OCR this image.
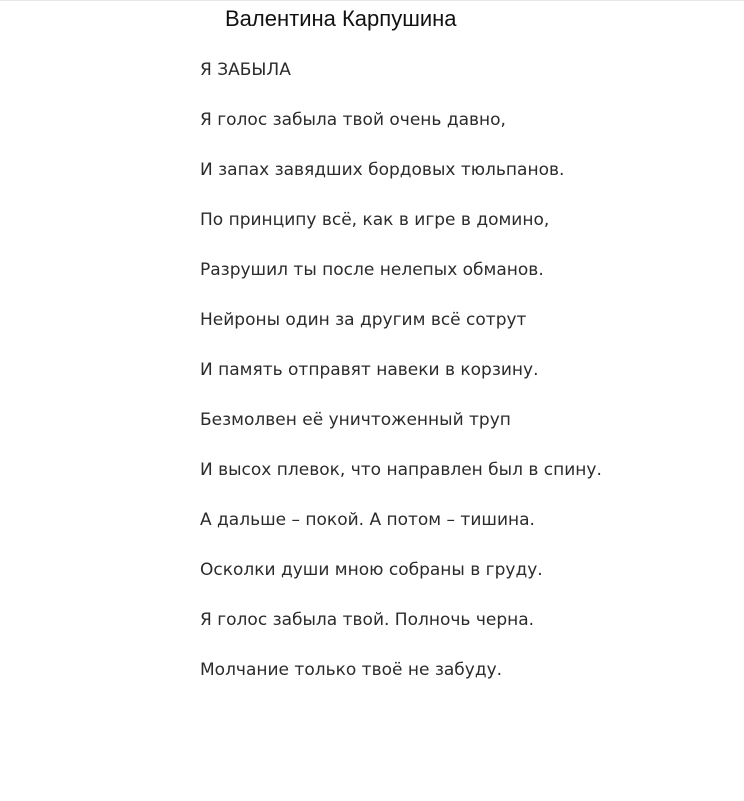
Валентина Карпушина
Я ЗАБЫЛА
Я голос забыла твой очень давно,
И запах завядших бордовых тюльпанов.
По принципу всё, как в игре в домино,
Разрушил ты после нелепых обманов.
Нейроны один за другим всё сотрут
И память отправят навеки в корзину.
Безмолвен её уничтоженный труп
И высох плевок, что направлен был в спину.
А дальше – покой. А потом – тишина.
Осколки души мною собраны в груду.
Я голос забыла твой. Полночь черна.
Молчание только твоё не забуду.
